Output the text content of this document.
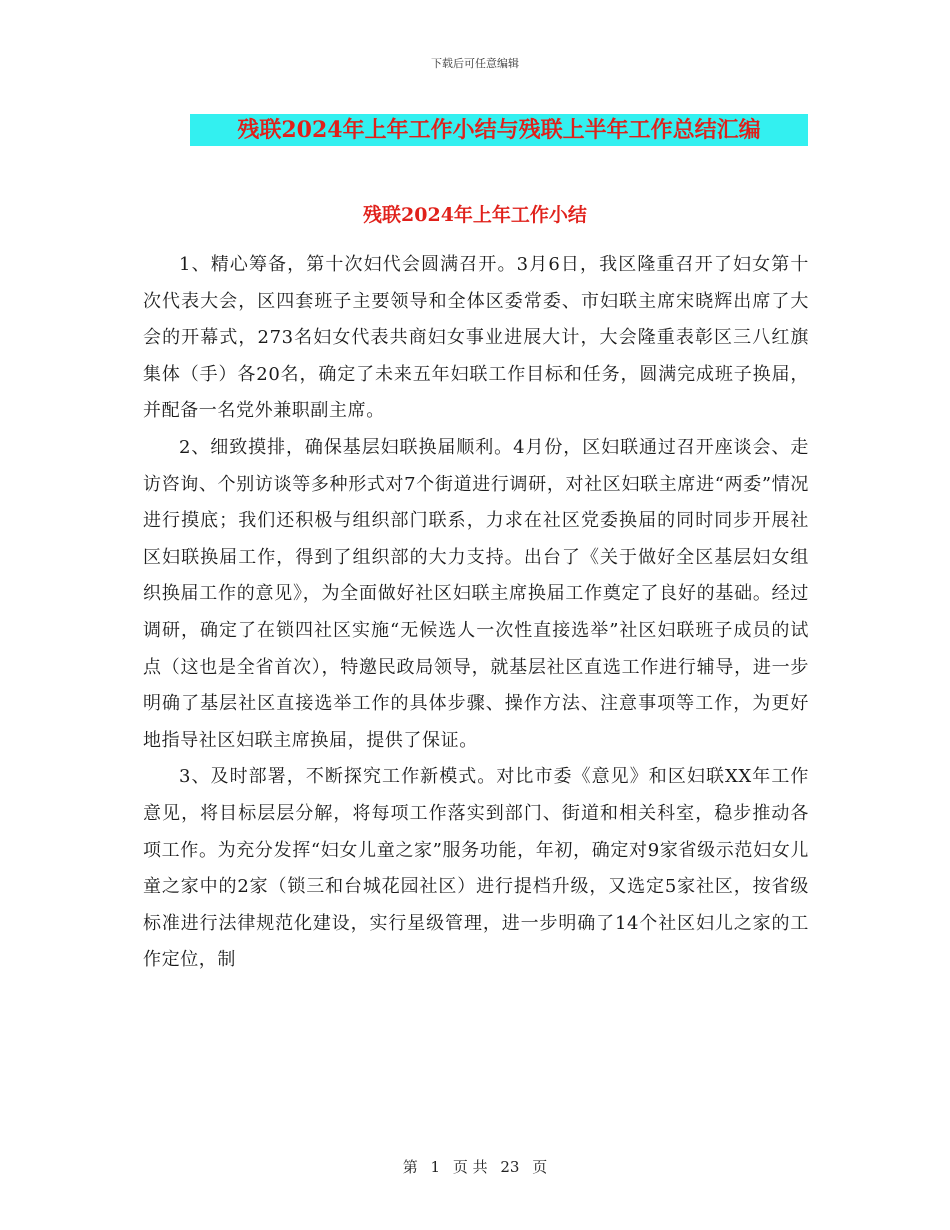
下载后可任意编辑
残联2024年上年工作小结与残联上半年工作总结汇编
残联2024年上年工作小结

1、精心筹备，第十次妇代会圆满召开。3月6日，我区隆重召开了妇女第十次代表大会，区四套班子主要领导和全体区委常委、市妇联主席宋晓辉出席了大会的开幕式，273名妇女代表共商妇女事业进展大计，大会隆重表彰区三八红旗集体（手）各20名，确定了未来五年妇联工作目标和任务，圆满完成班子换届，并配备一名党外兼职副主席。

2、细致摸排，确保基层妇联换届顺利。4月份，区妇联通过召开座谈会、走访咨询、个别访谈等多种形式对7个街道进行调研，对社区妇联主席进“两委”情况进行摸底；我们还积极与组织部门联系，力求在社区党委换届的同时同步开展社区妇联换届工作，得到了组织部的大力支持。出台了《关于做好全区基层妇女组织换届工作的意见》，为全面做好社区妇联主席换届工作奠定了良好的基础。经过调研，确定了在锁四社区实施“无候选人一次性直接选举”社区妇联班子成员的试点（这也是全省首次），特邀民政局领导，就基层社区直选工作进行辅导，进一步明确了基层社区直接选举工作的具体步骤、操作方法、注意事项等工作，为更好地指导社区妇联主席换届，提供了保证。

3、及时部署，不断探究工作新模式。对比市委《意见》和区妇联XX年工作意见，将目标层层分解，将每项工作落实到部门、街道和相关科室，稳步推动各项工作。为充分发挥“妇女儿童之家”服务功能，年初，确定对9家省级示范妇女儿童之家中的2家（锁三和台城花园社区）进行提档升级，又选定5家社区，按省级标准进行法律规范化建设，实行星级管理，进一步明确了14个社区妇儿之家的工作定位，制

第 1 页 共 23 页
